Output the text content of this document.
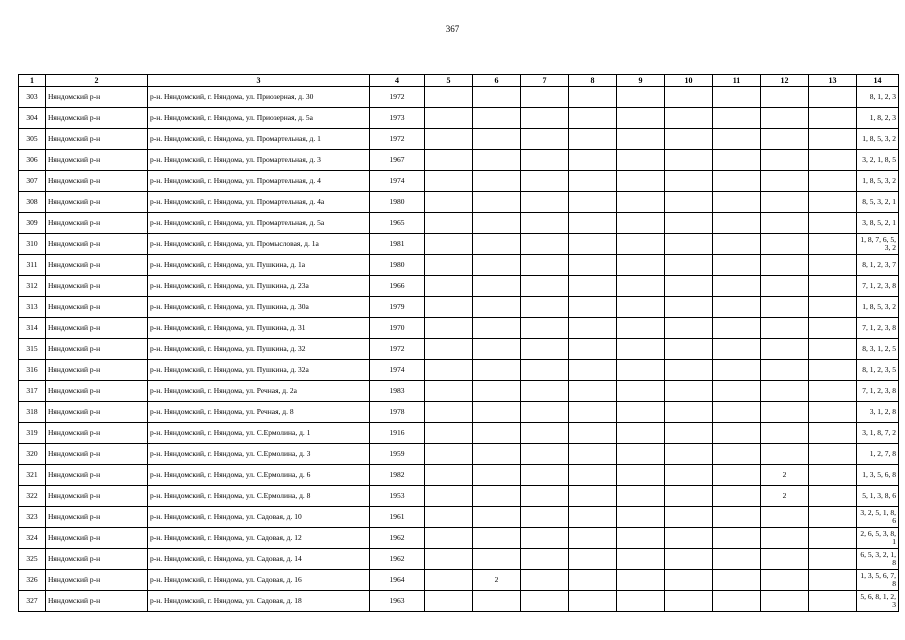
367
1	2	3	4	5	6	7	8	9	10	11	12	13	14
303	Няндомский р-н	р-н. Няндомский, г. Няндома, ул. Приозерная, д. 30	1972										8, 1, 2, 3
304	Няндомский р-н	р-н. Няндомский, г. Няндома, ул. Приозерная, д. 5а	1973										1, 8, 2, 3
305	Няндомский р-н	р-н. Няндомский, г. Няндома, ул. Промартельная, д. 1	1972										1, 8, 5, 3, 2
306	Няндомский р-н	р-н. Няндомский, г. Няндома, ул. Промартельная, д. 3	1967										3, 2, 1, 8, 5
307	Няндомский р-н	р-н. Няндомский, г. Няндома, ул. Промартельная, д. 4	1974										1, 8, 5, 3, 2
308	Няндомский р-н	р-н. Няндомский, г. Няндома, ул. Промартельная, д. 4а	1980										8, 5, 3, 2, 1
309	Няндомский р-н	р-н. Няндомский, г. Няндома, ул. Промартельная, д. 5а	1965										3, 8, 5, 2, 1
310	Няндомский р-н	р-н. Няндомский, г. Няндома, ул. Промысловая, д. 1а	1981										1, 8, 7, 6, 5, 3, 2
311	Няндомский р-н	р-н. Няндомский, г. Няндома, ул. Пушкина, д. 1а	1980										8, 1, 2, 3, 7
312	Няндомский р-н	р-н. Няндомский, г. Няндома, ул. Пушкина, д. 23а	1966										7, 1, 2, 3, 8
313	Няндомский р-н	р-н. Няндомский, г. Няндома, ул. Пушкина, д. 30а	1979										1, 8, 5, 3, 2
314	Няндомский р-н	р-н. Няндомский, г. Няндома, ул. Пушкина, д. 31	1970										7, 1, 2, 3, 8
315	Няндомский р-н	р-н. Няндомский, г. Няндома, ул. Пушкина, д. 32	1972										8, 3, 1, 2, 5
316	Няндомский р-н	р-н. Няндомский, г. Няндома, ул. Пушкина, д. 32а	1974										8, 1, 2, 3, 5
317	Няндомский р-н	р-н. Няндомский, г. Няндома, ул. Речная, д. 2а	1983										7, 1, 2, 3, 8
318	Няндомский р-н	р-н. Няндомский, г. Няндома, ул. Речная, д. 8	1978										3, 1, 2, 8
319	Няндомский р-н	р-н. Няндомский, г. Няндома, ул. С.Ермолина, д. 1	1916										3, 1, 8, 7, 2
320	Няндомский р-н	р-н. Няндомский, г. Няндома, ул. С.Ермолина, д. 3	1959										1, 2, 7, 8
321	Няндомский р-н	р-н. Няндомский, г. Няндома, ул. С.Ермолина, д. 6	1982								2		1, 3, 5, 6, 8
322	Няндомский р-н	р-н. Няндомский, г. Няндома, ул. С.Ермолина, д. 8	1953								2		5, 1, 3, 8, 6
323	Няндомский р-н	р-н. Няндомский, г. Няндома, ул. Садовая, д. 10	1961										3, 2, 5, 1, 8, 6
324	Няндомский р-н	р-н. Няндомский, г. Няндома, ул. Садовая, д. 12	1962										2, 6, 5, 3, 8, 1
325	Няндомский р-н	р-н. Няндомский, г. Няндома, ул. Садовая, д. 14	1962										6, 5, 3, 2, 1, 8
326	Няндомский р-н	р-н. Няндомский, г. Няндома, ул. Садовая, д. 16	1964		2								1, 3, 5, 6, 7, 8
327	Няндомский р-н	р-н. Няндомский, г. Няндома, ул. Садовая, д. 18	1963										5, 6, 8, 1, 2, 3
